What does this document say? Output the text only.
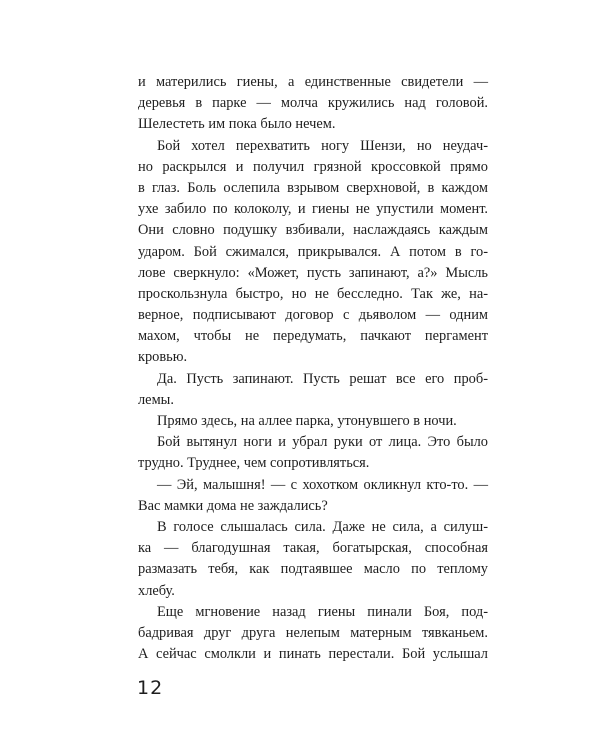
и матерились гиены, а единственные свидетели —
деревья в парке — молча кружились над головой.
Шелестеть им пока было нечем.
Бой хотел перехватить ногу Шензи, но неудач-
но раскрылся и получил грязной кроссовкой прямо
в глаз. Боль ослепила взрывом сверхновой, в каждом
ухе забило по колоколу, и гиены не упустили момент.
Они словно подушку взбивали, наслаждаясь каждым
ударом. Бой сжимался, прикрывался. А потом в го-
лове сверкнуло: «Может, пусть запинают, а?» Мысль
проскользнула быстро, но не бесследно. Так же, на-
верное, подписывают договор с дьяволом — одним
махом, чтобы не передумать, пачкают пергамент
кровью.
Да. Пусть запинают. Пусть решат все его проб-
лемы.
Прямо здесь, на аллее парка, утонувшего в ночи.
Бой вытянул ноги и убрал руки от лица. Это было
трудно. Труднее, чем сопротивляться.
— Эй, малышня! — с хохотком окликнул кто-то. —
Вас мамки дома не заждались?
В голосе слышалась сила. Даже не сила, а силуш-
ка — благодушная такая, богатырская, способная
размазать тебя, как подтаявшее масло по теплому
хлебу.
Еще мгновение назад гиены пинали Боя, под-
бадривая друг друга нелепым матерным тявканьем.
А сейчас смолкли и пинать перестали. Бой услышал
12
